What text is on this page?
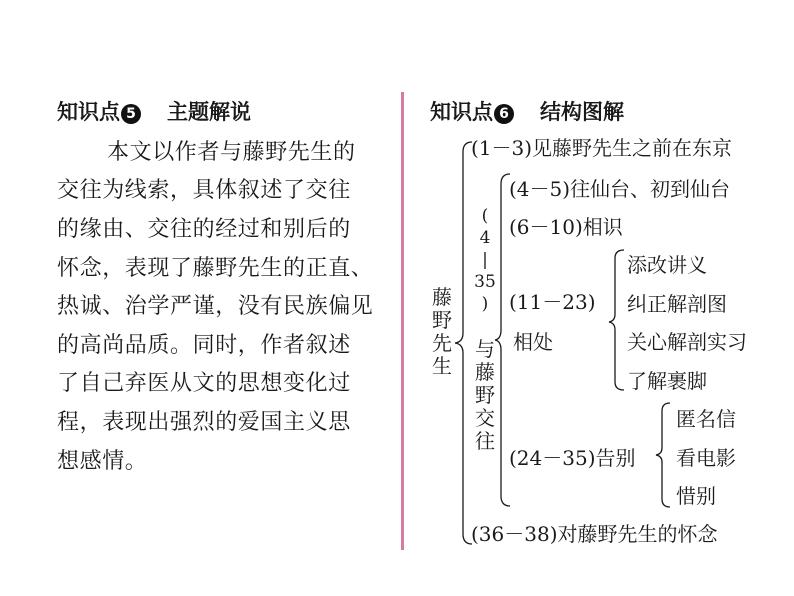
知识点 5 主题解说
本文以作者与藤野先生的
交往为线索，具体叙述了交往
的缘由、交往的经过和别后的
怀念，表现了藤野先生的正直、
热诚、治学严谨，没有民族偏见
的高尚品质。同时，作者叙述
了自己弃医从文的思想变化过
程，表现出强烈的爱国主义思
想感情。
知识点 6 结构图解
藤
野
先
生
(1－3)见藤野先生之前在东京
(
4
|
35
)
与
藤
野
交
往
(4－5)往仙台、初到仙台
(6－10)相识
(11－23)
相处
添改讲义
纠正解剖图
关心解剖实习
了解裹脚
(24－35)告别
匿名信
看电影
惜别
(36－38)对藤野先生的怀念
